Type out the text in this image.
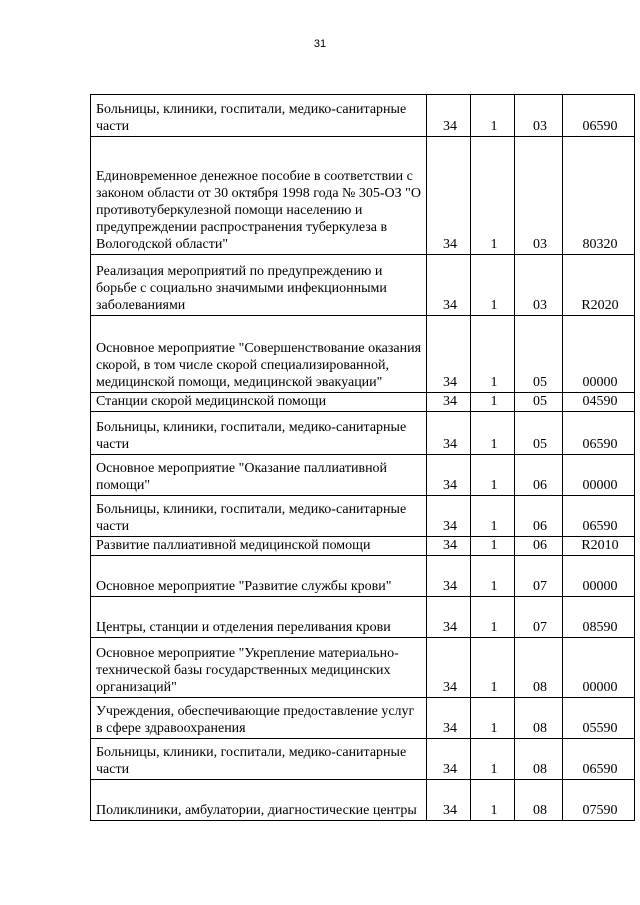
31
Больницы, клиники, госпитали, медико-санитарные части	34	1	03	06590
Единовременное денежное пособие в соответствии с законом области от 30 октября 1998 года № 305-ОЗ "О противотуберкулезной помощи населению и предупреждении распространения туберкулеза в Вологодской области"	34	1	03	80320
Реализация мероприятий по предупреждению и борьбе с социально значимыми инфекционными заболеваниями	34	1	03	R2020
Основное мероприятие "Совершенствование оказания скорой, в том числе скорой специализированной, медицинской помощи, медицинской эвакуации"	34	1	05	00000
Станции скорой медицинской помощи	34	1	05	04590
Больницы, клиники, госпитали, медико-санитарные части	34	1	05	06590
Основное мероприятие "Оказание паллиативной помощи"	34	1	06	00000
Больницы, клиники, госпитали, медико-санитарные части	34	1	06	06590
Развитие паллиативной медицинской помощи	34	1	06	R2010
Основное мероприятие "Развитие службы крови"	34	1	07	00000
Центры, станции и отделения переливания крови	34	1	07	08590
Основное мероприятие "Укрепление материально-технической базы государственных медицинских организаций"	34	1	08	00000
Учреждения, обеспечивающие предоставление услуг в сфере здравоохранения	34	1	08	05590
Больницы, клиники, госпитали, медико-санитарные части	34	1	08	06590
Поликлиники, амбулатории, диагностические центры	34	1	08	07590
